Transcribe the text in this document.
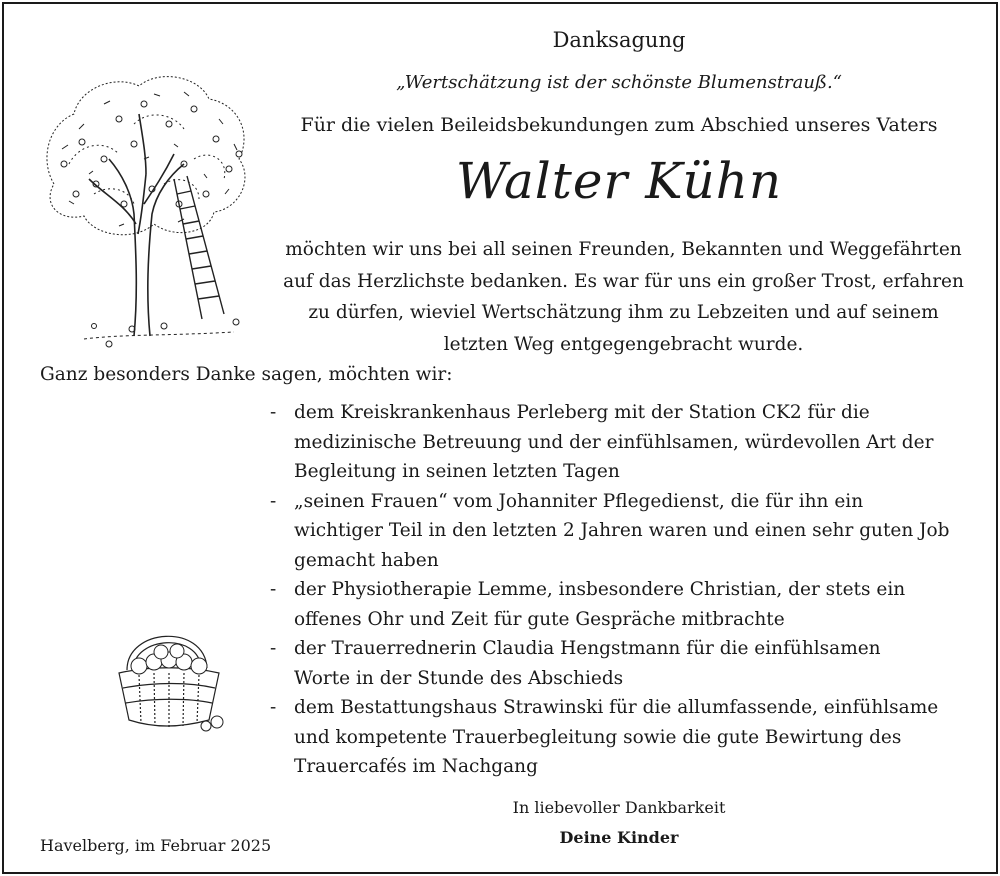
Danksagung
„Wertschätzung ist der schönste Blumenstrauß.“
Für die vielen Beileidsbekundungen zum Abschied unseres Vaters
Walter Kühn
möchten wir uns bei all seinen Freunden, Bekannten und Weggefährten
auf das Herzlichste bedanken. Es war für uns ein großer Trost, erfahren
zu dürfen, wieviel Wertschätzung ihm zu Lebzeiten und auf seinem
letzten Weg entgegengebracht wurde.
Ganz besonders Danke sagen, möchten wir:
- dem Kreiskrankenhaus Perleberg mit der Station CK2 für die
medizinische Betreuung und der einfühlsamen, würdevollen Art der
Begleitung in seinen letzten Tagen
- „seinen Frauen“ vom Johanniter Pflegedienst, die für ihn ein
wichtiger Teil in den letzten 2 Jahren waren und einen sehr guten Job
gemacht haben
- der Physiotherapie Lemme, insbesondere Christian, der stets ein
offenes Ohr und Zeit für gute Gespräche mitbrachte
- der Trauerrednerin Claudia Hengstmann für die einfühlsamen
Worte in der Stunde des Abschieds
- dem Bestattungshaus Strawinski für die allumfassende, einfühlsame
und kompetente Trauerbegleitung sowie die gute Bewirtung des
Trauercafés im Nachgang
In liebevoller Dankbarkeit
Deine Kinder
Havelberg, im Februar 2025
